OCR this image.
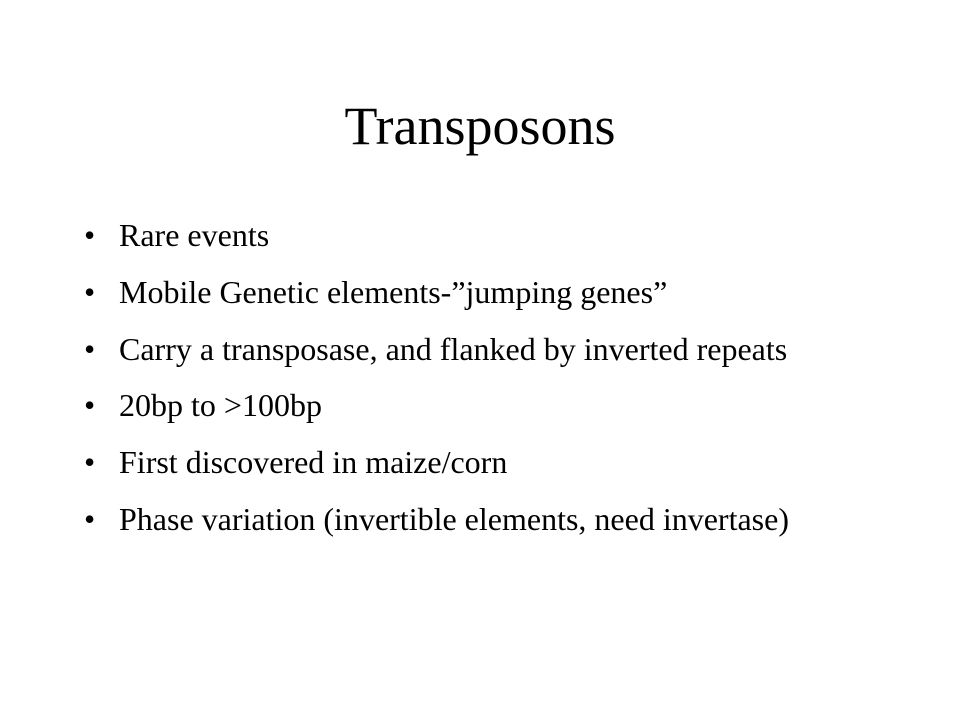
Transposons
• Rare events
• Mobile Genetic elements-”jumping genes”
• Carry a transposase, and flanked by inverted repeats
• 20bp to >100bp
• First discovered in maize/corn
• Phase variation (invertible elements, need invertase)
